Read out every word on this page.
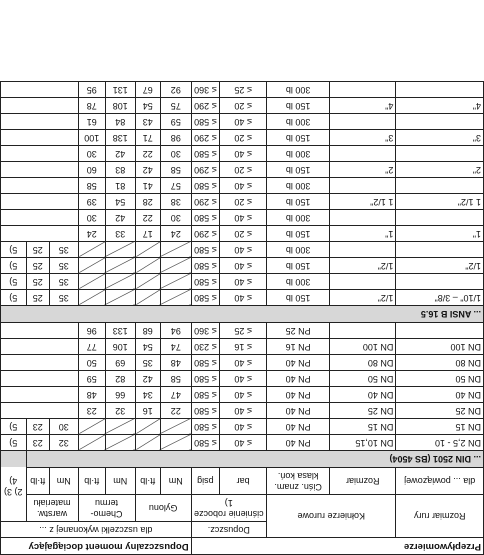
Przepływomierze					Dopuszczalny moment dociągający						
Rozmiar rury	Kołnierze rurowe		Dopuszcz.		dla uszczelki wykonanej z ...						
			ciśnienie robocze 1)		Gylonu		Chemo-termu		warstw. materiału		2) 3) 4)
dla ... powiązowej	Rozmiar	Ciśn. znam. klasa koń.	bar	psig	Nm	ft·lb	Nm	ft·lb	Nm	ft·lb	
... DIN 2501 (BS 4504)											
DN 2,5 - 10	DN 10,15	PN 40	≤ 40	≤ 580					32	23	5)
DN 15	DN 15	PN 40	≤ 40	≤ 580					30	23	5)
DN 25	DN 25	PN 40	≤ 40	≤ 580	22	16	32	23			
DN 40	DN 40	PN 40	≤ 40	≤ 580	47	34	66	48			
DN 50	DN 50	PN 40	≤ 40	≤ 580	58	42	82	59			
DN 80	DN 80	PN 40	≤ 40	≤ 580	48	35	69	50			
DN 100	DN 100	PN 16	≤ 16	≤ 230	74	54	106	77			
		PN 25	≤ 25	≤ 360	94	68	133	96			
... ANSI B 16.5											
1/10" – 3/8"	1/2"	150 lb	≤ 40	≤ 580					35	25	5)
		300 lb	≤ 40	≤ 580					35	25	5)
1/2"	1/2"	150 lb	≤ 40	≤ 580					35	25	5)
		300 lb	≤ 40	≤ 580					35	25	5)
1"	1"	150 lb	≤ 20	≤ 290	24	17	33	24			
		300 lb	≤ 40	≤ 580	30	22	42	30			
1 1/2"	1 1/2"	150 lb	≤ 20	≤ 290	38	28	54	39			
		300 lb	≤ 40	≤ 580	57	41	81	58			
2"	2"	150 lb	≤ 20	≤ 290	58	42	83	60			
		300 lb	≤ 40	≤ 580	30	22	42	30			
3"	3"	150 lb	≤ 20	≤ 290	98	71	138	100			
		300 lb	≤ 40	≤ 580	59	43	84	61			
4"	4"	150 lb	≤ 20	≤ 290	75	54	108	78			
		300 lb	≤ 25	≤ 360	92	67	131	95			
